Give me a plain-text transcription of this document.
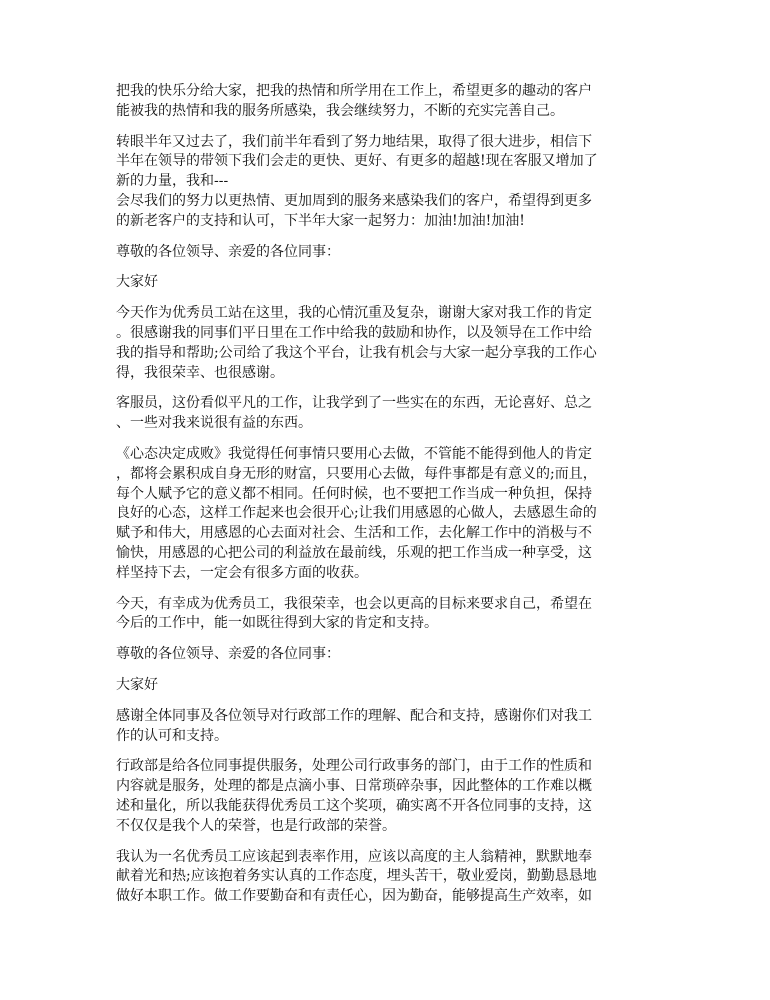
把我的快乐分给大家，把我的热情和所学用在工作上，希望更多的趣动的客户
能被我的热情和我的服务所感染，我会继续努力，不断的充实完善自己。

转眼半年又过去了，我们前半年看到了努力地结果，取得了很大进步，相信下
半年在领导的带领下我们会走的更快、更好、有更多的超越!现在客服又增加了
新的力量，我和---

会尽我们的努力以更热情、更加周到的服务来感染我们的客户，希望得到更多
的新老客户的支持和认可，下半年大家一起努力：加油!加油!加油!

尊敬的各位领导、亲爱的各位同事：

大家好

今天作为优秀员工站在这里，我的心情沉重及复杂，谢谢大家对我工作的肯定
。很感谢我的同事们平日里在工作中给我的鼓励和协作，以及领导在工作中给
我的指导和帮助;公司给了我这个平台，让我有机会与大家一起分享我的工作心
得，我很荣幸、也很感谢。

客服员，这份看似平凡的工作，让我学到了一些实在的东西，无论喜好、总之
、一些对我来说很有益的东西。

《心态决定成败》我觉得任何事情只要用心去做，不管能不能得到他人的肯定
，都将会累积成自身无形的财富，只要用心去做，每件事都是有意义的;而且，
每个人赋予它的意义都不相同。任何时候，也不要把工作当成一种负担，保持
良好的心态，这样工作起来也会很开心;让我们用感恩的心做人，去感恩生命的
赋予和伟大，用感恩的心去面对社会、生活和工作，去化解工作中的消极与不
愉快，用感恩的心把公司的利益放在最前线，乐观的把工作当成一种享受，这
样坚持下去，一定会有很多方面的收获。

今天，有幸成为优秀员工，我很荣幸，也会以更高的目标来要求自己，希望在
今后的工作中，能一如既往得到大家的肯定和支持。

尊敬的各位领导、亲爱的各位同事：

大家好

感谢全体同事及各位领导对行政部工作的理解、配合和支持，感谢你们对我工
作的认可和支持。

行政部是给各位同事提供服务，处理公司行政事务的部门，由于工作的性质和
内容就是服务，处理的都是点滴小事、日常琐碎杂事，因此整体的工作难以概
述和量化，所以我能获得优秀员工这个奖项，确实离不开各位同事的支持，这
不仅仅是我个人的荣誉，也是行政部的荣誉。

我认为一名优秀员工应该起到表率作用，应该以高度的主人翁精神，默默地奉
献着光和热;应该抱着务实认真的工作态度，埋头苦干，敬业爱岗，勤勤恳恳地
做好本职工作。做工作要勤奋和有责任心，因为勤奋，能够提高生产效率，如
